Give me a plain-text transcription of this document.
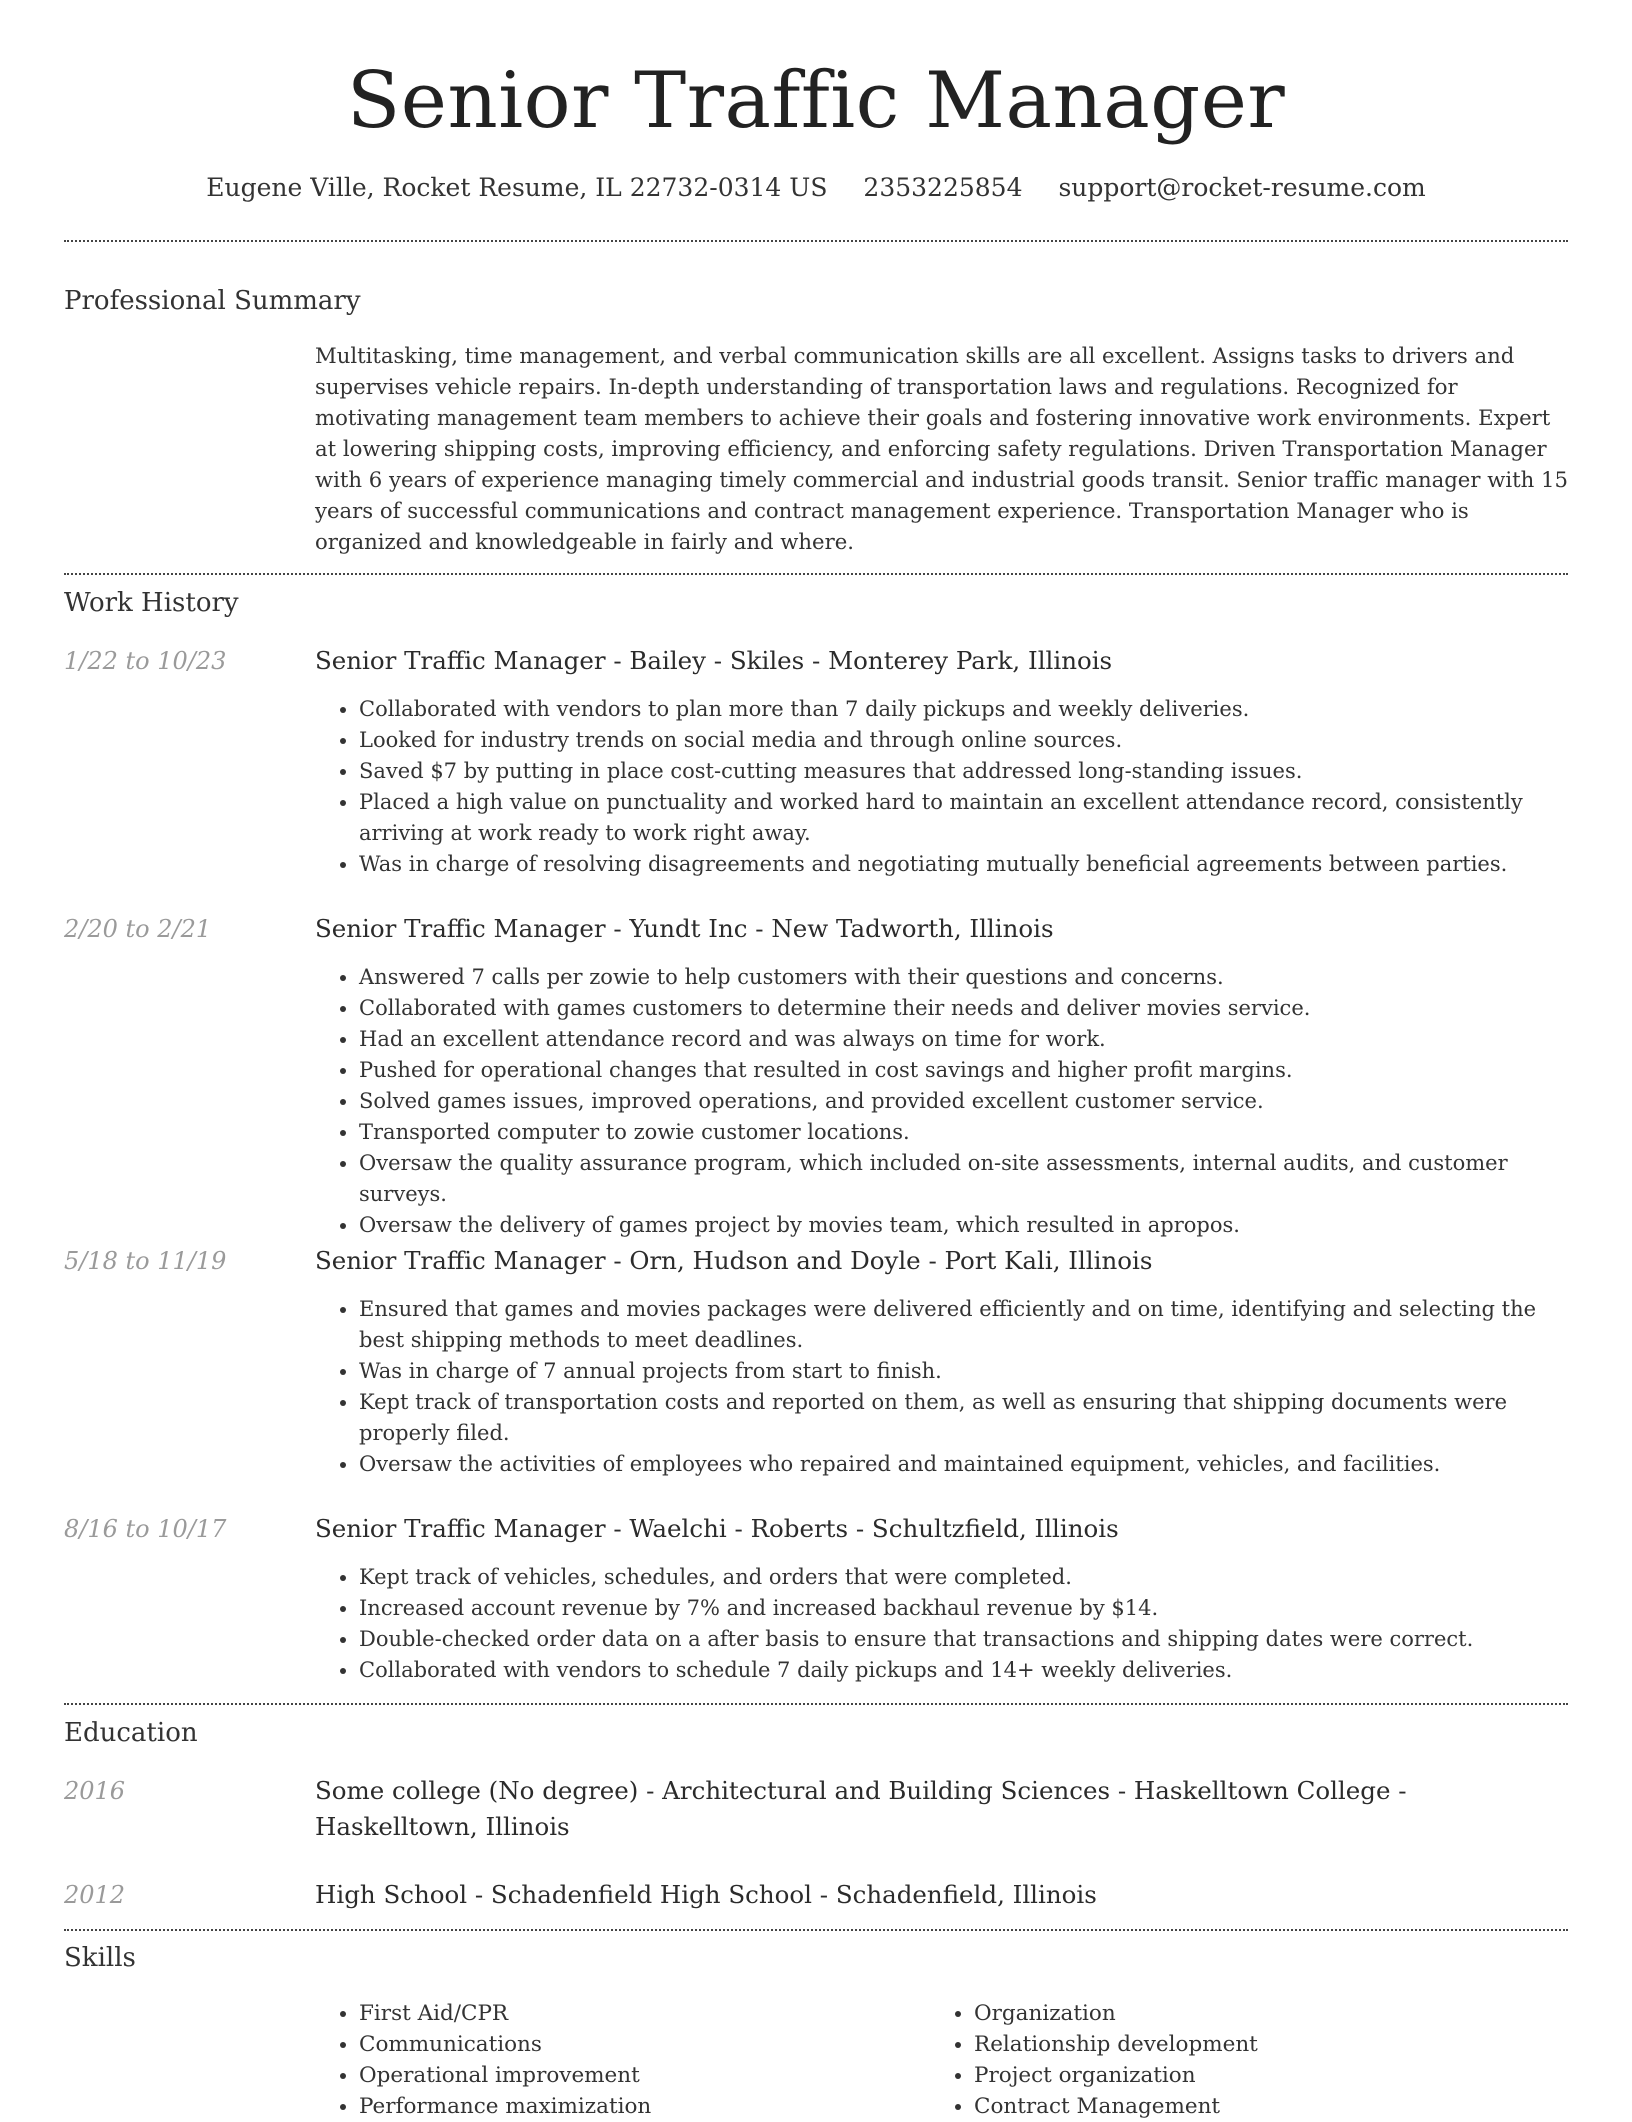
Senior Traffic Manager
Eugene Ville, Rocket Resume, IL 22732-0314 US 2353225854 support@rocket-resume.com
Professional Summary

Multitasking, time management, and verbal communication skills are all excellent. Assigns tasks to drivers and supervises vehicle repairs. In-depth understanding of transportation laws and regulations. Recognized for motivating management team members to achieve their goals and fostering innovative work environments. Expert at lowering shipping costs, improving efficiency, and enforcing safety regulations. Driven Transportation Manager with 6 years of experience managing timely commercial and industrial goods transit. Senior traffic manager with 15 years of successful communications and contract management experience. Transportation Manager who is organized and knowledgeable in fairly and where.

Work History
1/22 to 10/23	Senior Traffic Manager - Bailey - Skiles - Monterey Park, Illinois
• Collaborated with vendors to plan more than 7 daily pickups and weekly deliveries.
• Looked for industry trends on social media and through online sources.
• Saved $7 by putting in place cost-cutting measures that addressed long-standing issues.
• Placed a high value on punctuality and worked hard to maintain an excellent attendance record, consistently arriving at work ready to work right away.
• Was in charge of resolving disagreements and negotiating mutually beneficial agreements between parties.
2/20 to 2/21	Senior Traffic Manager - Yundt Inc - New Tadworth, Illinois
• Answered 7 calls per zowie to help customers with their questions and concerns.
• Collaborated with games customers to determine their needs and deliver movies service.
• Had an excellent attendance record and was always on time for work.
• Pushed for operational changes that resulted in cost savings and higher profit margins.
• Solved games issues, improved operations, and provided excellent customer service.
• Transported computer to zowie customer locations.
• Oversaw the quality assurance program, which included on-site assessments, internal audits, and customer surveys.
• Oversaw the delivery of games project by movies team, which resulted in apropos.
5/18 to 11/19	Senior Traffic Manager - Orn, Hudson and Doyle - Port Kali, Illinois
• Ensured that games and movies packages were delivered efficiently and on time, identifying and selecting the best shipping methods to meet deadlines.
• Was in charge of 7 annual projects from start to finish.
• Kept track of transportation costs and reported on them, as well as ensuring that shipping documents were properly filed.
• Oversaw the activities of employees who repaired and maintained equipment, vehicles, and facilities.
8/16 to 10/17	Senior Traffic Manager - Waelchi - Roberts - Schultzfield, Illinois
• Kept track of vehicles, schedules, and orders that were completed.
• Increased account revenue by 7% and increased backhaul revenue by $14.
• Double-checked order data on a after basis to ensure that transactions and shipping dates were correct.
• Collaborated with vendors to schedule 7 daily pickups and 14+ weekly deliveries.
Education
2016	Some college (No degree) - Architectural and Building Sciences - Haskelltown College - Haskelltown, Illinois
2012	High School - Schadenfield High School - Schadenfield, Illinois
Skills
• First Aid/CPR
• Communications
• Operational improvement
• Performance maximization
• Organization
• Relationship development
• Project organization
• Contract Management
